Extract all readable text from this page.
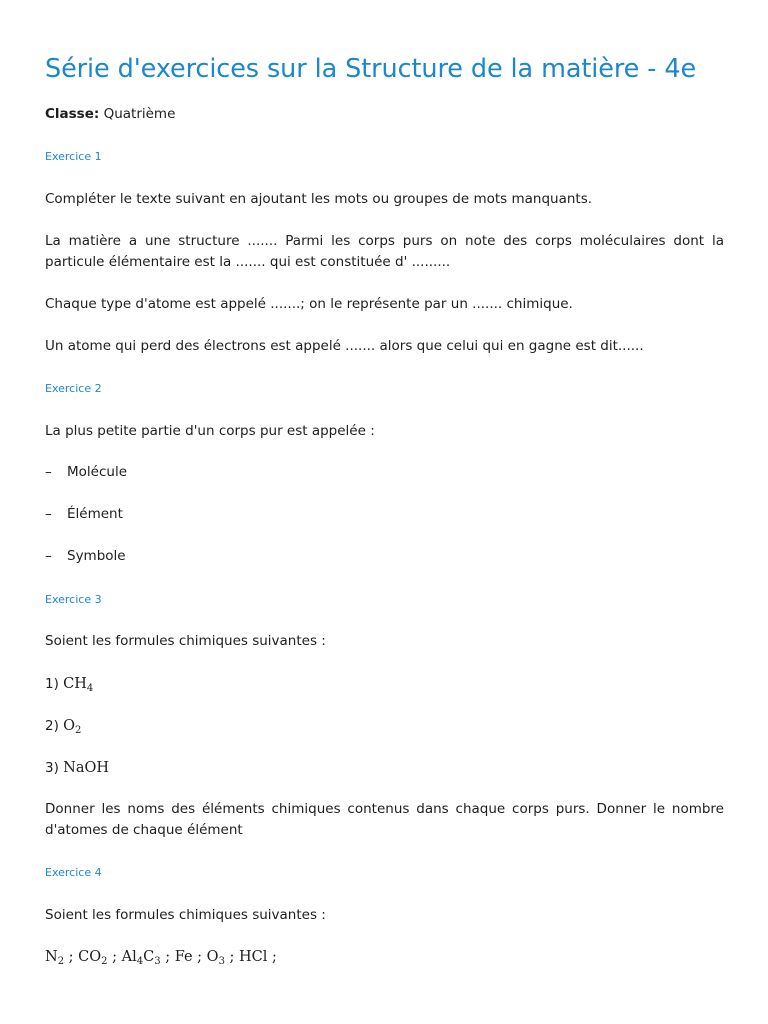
Série d'exercices sur la Structure de la matière - 4e
Classe: Quatrième
Exercice 1
Compléter le texte suivant en ajoutant les mots ou groupes de mots manquants.
La matière a une structure ....... Parmi les corps purs on note des corps moléculaires dont la particule élémentaire est la ....... qui est constituée d' .........
Chaque type d'atome est appelé .......; on le représente par un ....... chimique.
Un atome qui perd des électrons est appelé ....... alors que celui qui en gagne est dit......
Exercice 2
La plus petite partie d'un corps pur est appelée :
– Molécule
– Élément
– Symbole
Exercice 3
Soient les formules chimiques suivantes :
1) $CH_4$
2) $O_2$
3) NaOH
Donner les noms des éléments chimiques contenus dans chaque corps purs. Donner le nombre d'atomes de chaque élément
Exercice 4
Soient les formules chimiques suivantes :
$N_2$ ; $CO_2$ ; $Al_4C_3$ ; Fe ; $O_3$ ; HCl ;
